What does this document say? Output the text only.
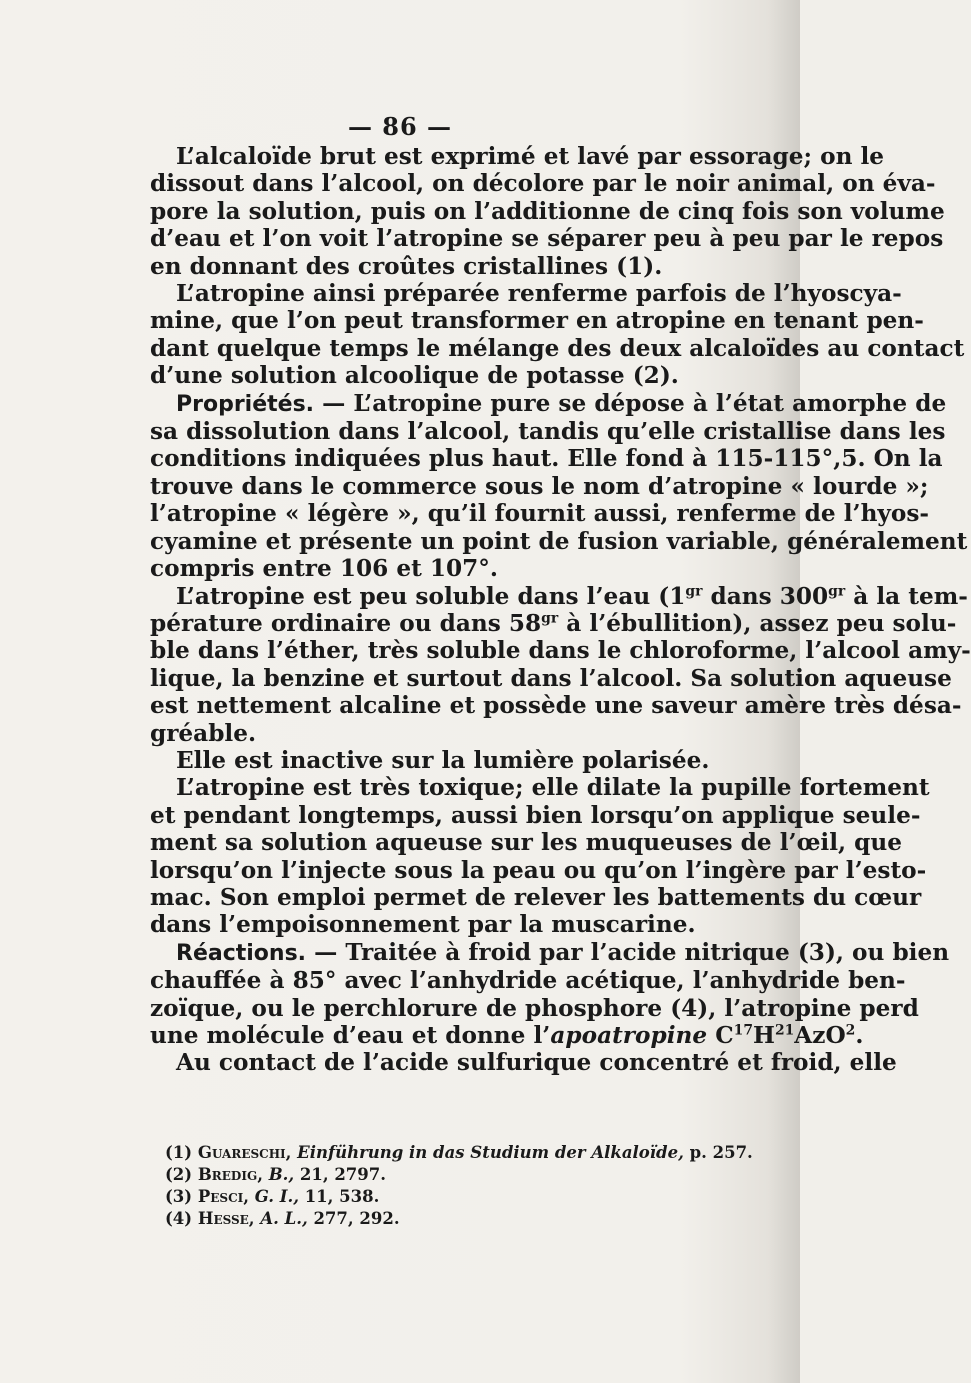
— 86 —
L’alcaloïde brut est exprimé et lavé par essorage; on le
dissout dans l’alcool, on décolore par le noir animal, on éva-
pore la solution, puis on l’additionne de cinq fois son volume
d’eau et l’on voit l’atropine se séparer peu à peu par le repos
en donnant des croûtes cristallines (1).
L’atropine ainsi préparée renferme parfois de l’hyoscya-
mine, que l’on peut transformer en atropine en tenant pen-
dant quelque temps le mélange des deux alcaloïdes au contact
d’une solution alcoolique de potasse (2).
Propriétés. — L’atropine pure se dépose à l’état amorphe de
sa dissolution dans l’alcool, tandis qu’elle cristallise dans les
conditions indiquées plus haut. Elle fond à 115-115°,5. On la
trouve dans le commerce sous le nom d’atropine « lourde »;
l’atropine « légère », qu’il fournit aussi, renferme de l’hyos-
cyamine et présente un point de fusion variable, généralement
compris entre 106 et 107°.
L’atropine est peu soluble dans l’eau ($1^{gr}$ dans $300^{gr}$ à la tem-
pérature ordinaire ou dans $58^{gr}$ à l’ébullition), assez peu solu-
ble dans l’éther, très soluble dans le chloroforme, l’alcool amy-
lique, la benzine et surtout dans l’alcool. Sa solution aqueuse
est nettement alcaline et possède une saveur amère très désa-
gréable.
Elle est inactive sur la lumière polarisée.
L’atropine est très toxique; elle dilate la pupille fortement
et pendant longtemps, aussi bien lorsqu’on applique seule-
ment sa solution aqueuse sur les muqueuses de l’œil, que
lorsqu’on l’injecte sous la peau ou qu’on l’ingère par l’esto-
mac. Son emploi permet de relever les battements du cœur
dans l’empoisonnement par la muscarine.
Réactions. — Traitée à froid par l’acide nitrique (3), ou bien
chauffée à 85° avec l’anhydride acétique, l’anhydride ben-
zoïque, ou le perchlorure de phosphore (4), l’atropine perd
une molécule d’eau et donne l’apoatropine $C^{17}H^{21}AzO^2$.
Au contact de l’acide sulfurique concentré et froid, elle
(1) Guareschi, Einführung in das Studium der Alkaloïde, p. 257.
(2) Bredig, B., 21, 2797.
(3) Pesci, G. I., 11, 538.
(4) Hesse, A. L., 277, 292.
